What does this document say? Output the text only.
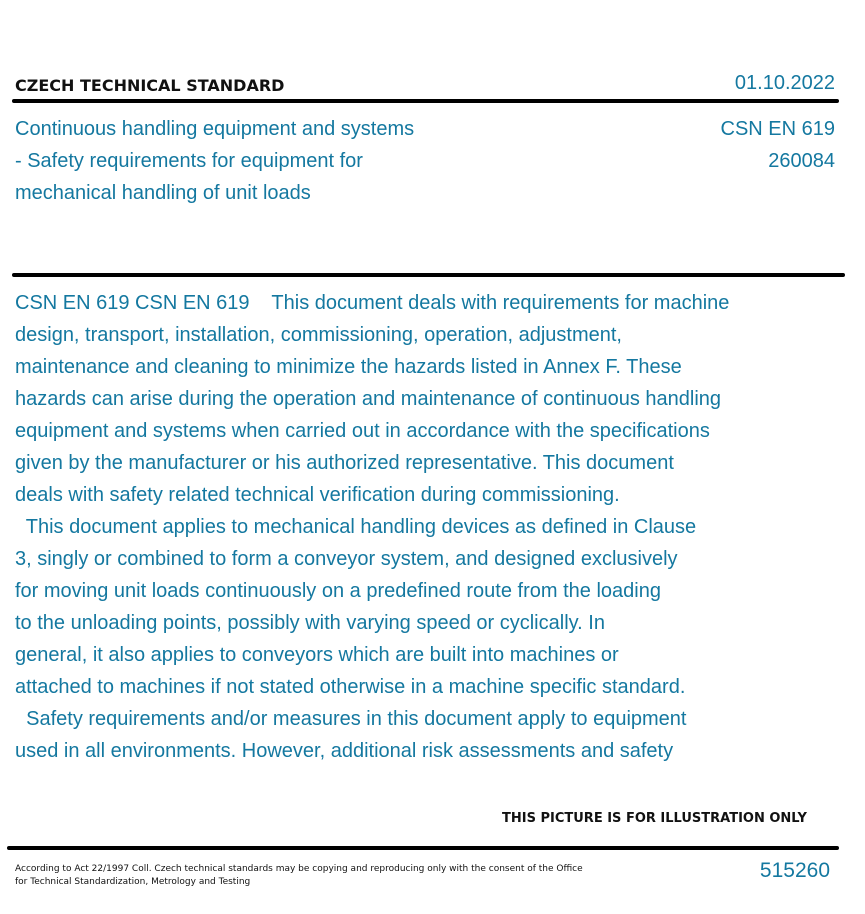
CZECH TECHNICAL STANDARD	01.10.2022
Continuous handling equipment and systems
- Safety requirements for equipment for
mechanical handling of unit loads
CSN EN 619
260084
CSN EN 619 CSN EN 619    This document deals with requirements for machine
design, transport, installation, commissioning, operation, adjustment,
maintenance and cleaning to minimize the hazards listed in Annex F. These
hazards can arise during the operation and maintenance of continuous handling
equipment and systems when carried out in accordance with the specifications
given by the manufacturer or his authorized representative. This document
deals with safety related technical verification during commissioning.
This document applies to mechanical handling devices as defined in Clause
3, singly or combined to form a conveyor system, and designed exclusively
for moving unit loads continuously on a predefined route from the loading
to the unloading points, possibly with varying speed or cyclically. In
general, it also applies to conveyors which are built into machines or
attached to machines if not stated otherwise in a machine specific standard.
Safety requirements and/or measures in this document apply to equipment
used in all environments. However, additional risk assessments and safety
THIS PICTURE IS FOR ILLUSTRATION ONLY
According to Act 22/1997 Coll. Czech technical standards may be copying and reproducing only with the consent of the Office
for Technical Standardization, Metrology and Testing	515260
